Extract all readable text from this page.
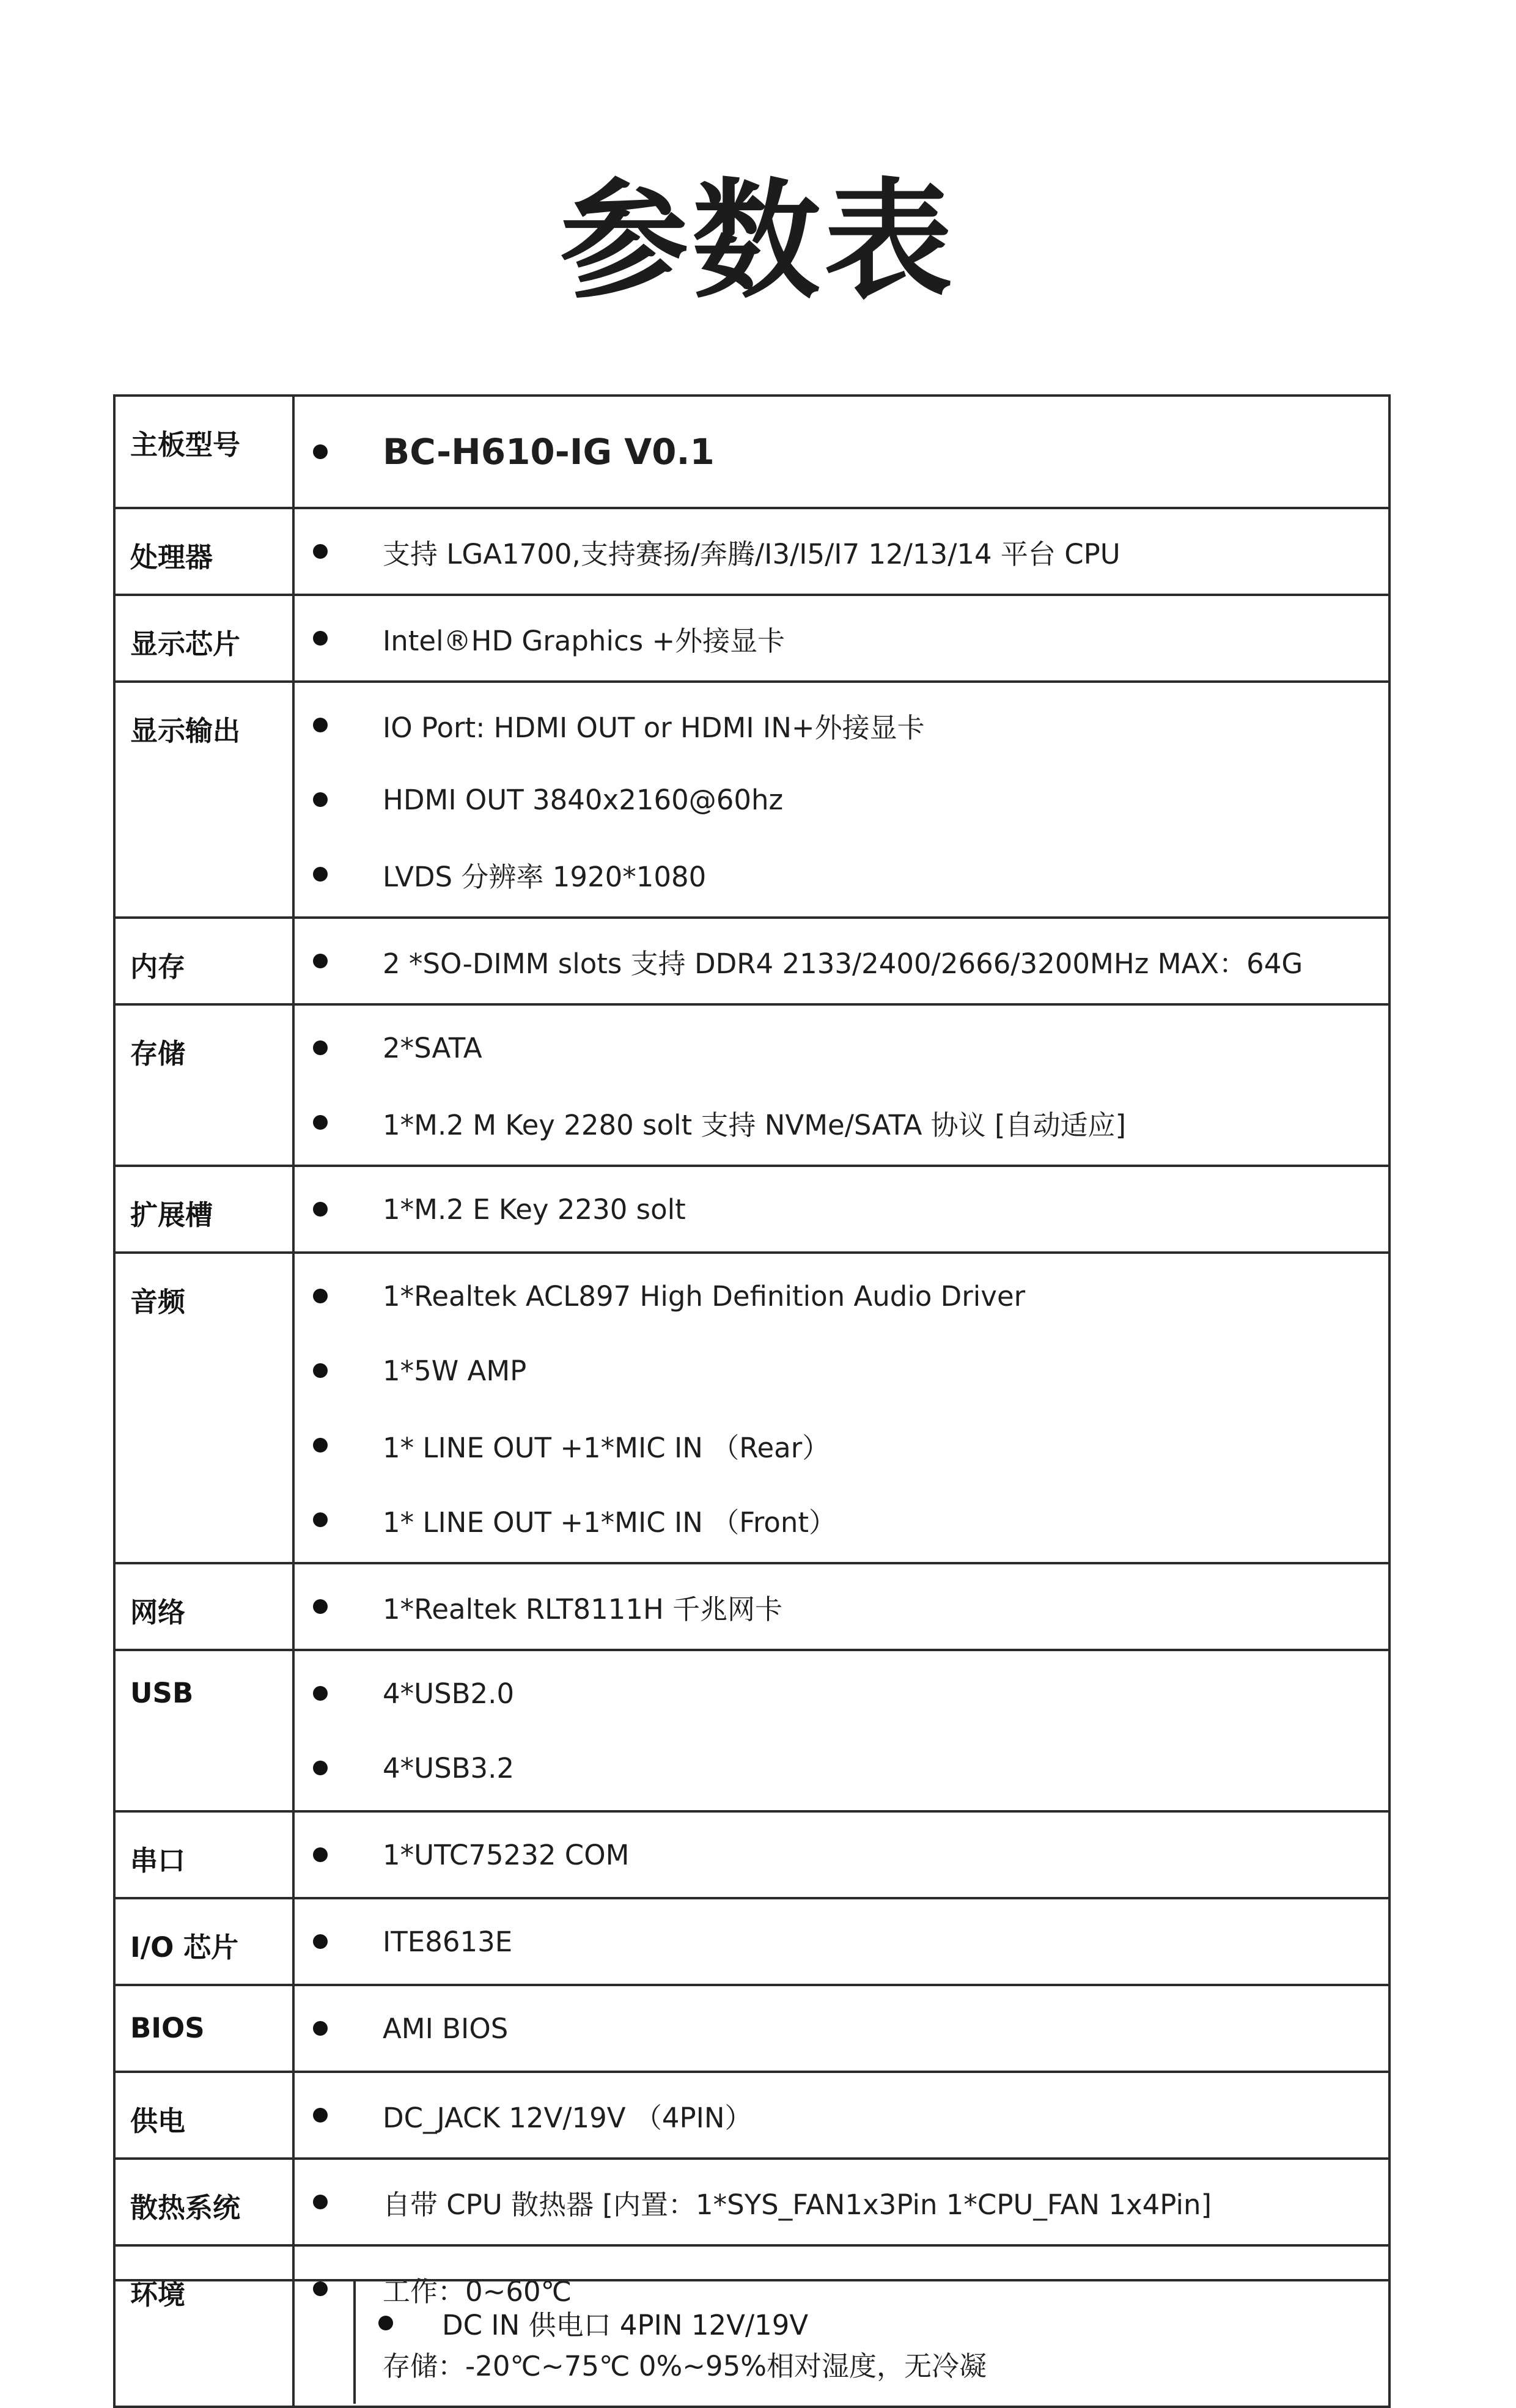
参数表
主板型号	BC-H610-IG V0.1

处理器	支持 LGA1700,支持赛扬/奔腾/I3/I5/I7 12/13/14 平台 CPU

显示芯片	Intel®HD Graphics +外接显卡

显示输出	IO Port: HDMI OUT or HDMI IN+外接显卡
HDMI OUT 3840x2160@60hz
LVDS 分辨率 1920*1080

内存	2 *SO-DIMM slots 支持 DDR4 2133/2400/2666/3200MHz MAX：64G

存储	2*SATA
1*M.2 M Key 2280 solt 支持 NVMe/SATA 协议 [自动适应]

扩展槽	1*M.2 E Key 2230 solt

音频	1*Realtek ACL897 High Definition Audio Driver
1*5W AMP
1* LINE OUT +1*MIC IN （Rear）
1* LINE OUT +1*MIC IN （Front）

网络	1*Realtek RLT8111H 千兆网卡

USB	4*USB2.0
4*USB3.2

串口	1*UTC75232 COM

I/O 芯片	ITE8613E

BIOS	AMI BIOS

供电	DC_JACK 12V/19V （4PIN）

散热系统	自带 CPU 散热器 [内置：1*SYS_FAN1x3Pin 1*CPU_FAN 1x4Pin]

环境	工作：0~60℃
存储：-20℃~75℃ 0%~95%相对湿度，无冷凝
DC IN 供电口 4PIN 12V/19V
